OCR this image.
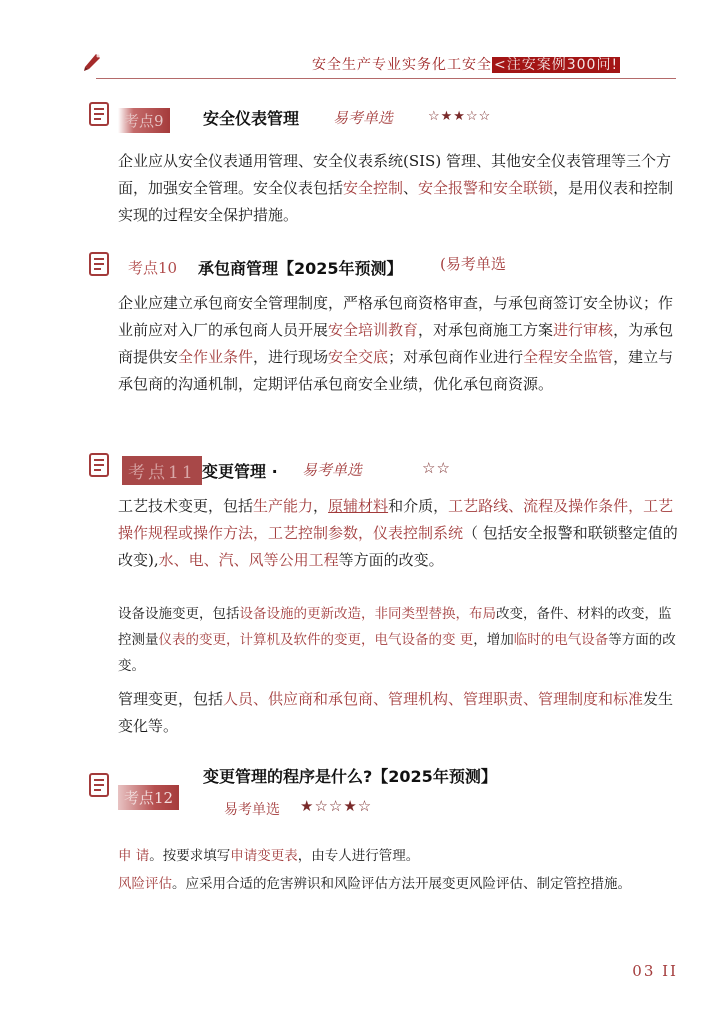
安全生产专业实务化工安全 <注安案例300问!
考点9	安全仪表管理 易考单选	☆★★☆☆
企业应从安全仪表通用管理、安全仪表系统(SIS) 管理、其他安全仪表管理等三个方面，加强安全管理。安全仪表包括安全控制、安全报警和安全联锁，是用仪表和控制实现的过程安全保护措施。
考点10 承包商管理【2025年预测】 (易考单选
企业应建立承包商安全管理制度，严格承包商资格审查，与承包商签订安全协议；作业前应对入厂的承包商人员开展安全培训教育，对承包商施工方案进行审核，为承包商提供安全作业条件，进行现场安全交底；对承包商作业进行全程安全监管，建立与承包商的沟通机制，定期评估承包商安全业绩，优化承包商资源。
考点11 变更管理 · 易考单选	☆☆
工艺技术变更，包括生产能力，原辅材料和介质，工艺路线、流程及操作条件，工艺操作规程或操作方法，工艺控制参数，仪表控制系统（ 包括安全报警和联锁整定值的改变),水、电、汽、风等公用工程等方面的改变。
设备设施变更，包括设备设施的更新改造，非同类型替换，布局改变，备件、材料的改变，监控测量仪表的变更，计算机及软件的变更，电气设备的变 更，增加临时的电气设备等方面的改变。
管理变更，包括人员、供应商和承包商、管理机构、管理职责、管理制度和标准发生变化等。
考点12
变更管理的程序是什么?【2025年预测】
易考单选 ★☆☆★☆
申 请。按要求填写申请变更表，由专人进行管理。
风险评估。应采用合适的危害辨识和风险评估方法开展变更风险评估、制定管控措施。
03 II
